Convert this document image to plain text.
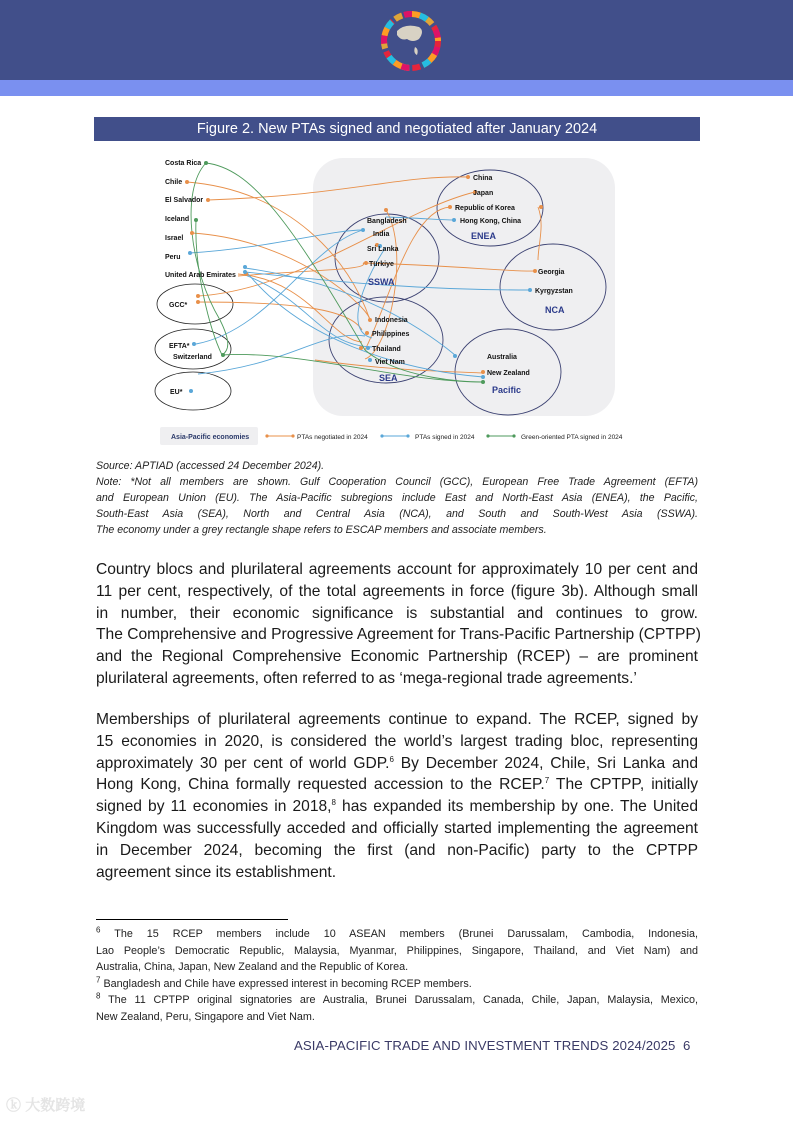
Figure 2. New PTAs signed and negotiated after January 2024
Costa Rica
Chile
El Salvador
Iceland
Israel
Peru
United Arab Emirates
GCC*
EFTA*
Switzerland
EU*
China
Japan
Republic of Korea
Hong Kong, China
ENEA
Bangladesh
India
Sri Lanka
Türkiye
SSWA
Georgia
Kyrgyzstan
NCA
Indonesia
Philippines
Thailand
Viet Nam
SEA
Australia
New Zealand
Pacific
Asia-Pacific economies	PTAs negotiated in 2024	PTAs signed in 2024	Green-oriented PTA signed in 2024
Source: APTIAD (accessed 24 December 2024).
Note: *Not all members are shown. Gulf Cooperation Council (GCC), European Free Trade Agreement (EFTA)
and European Union (EU). The Asia-Pacific subregions include East and North-East Asia (ENEA), the Pacific,
South-East Asia (SEA), North and Central Asia (NCA), and South and South-West Asia (SSWA).
The economy under a grey rectangle shape refers to ESCAP members and associate members.
Country blocs and plurilateral agreements account for approximately 10 per cent and
11 per cent, respectively, of the total agreements in force (figure 3b). Although small
in number, their economic significance is substantial and continues to grow.
The Comprehensive and Progressive Agreement for Trans-Pacific Partnership (CPTPP)
and the Regional Comprehensive Economic Partnership (RCEP) – are prominent
plurilateral agreements, often referred to as ‘mega-regional trade agreements.’
Memberships of plurilateral agreements continue to expand. The RCEP, signed by
15 economies in 2020, is considered the world’s largest trading bloc, representing
approximately 30 per cent of world GDP.$^6$ By December 2024, Chile, Sri Lanka and
Hong Kong, China formally requested accession to the RCEP.$^7$ The CPTPP, initially
signed by 11 economies in 2018,$^8$ has expanded its membership by one. The United
Kingdom was successfully acceded and officially started implementing the agreement
in December 2024, becoming the first (and non-Pacific) party to the CPTPP
agreement since its establishment.
$^6$ The 15 RCEP members include 10 ASEAN members (Brunei Darussalam, Cambodia, Indonesia,
Lao People’s Democratic Republic, Malaysia, Myanmar, Philippines, Singapore, Thailand, and Viet Nam) and
Australia, China, Japan, New Zealand and the Republic of Korea.
$^7$ Bangladesh and Chile have expressed interest in becoming RCEP members.
$^8$ The 11 CPTPP original signatories are Australia, Brunei Darussalam, Canada, Chile, Japan, Malaysia, Mexico,
New Zealand, Peru, Singapore and Viet Nam.
ASIA-PACIFIC TRADE AND INVESTMENT TRENDS 2024/2025 6
ⓚ 大数跨境
